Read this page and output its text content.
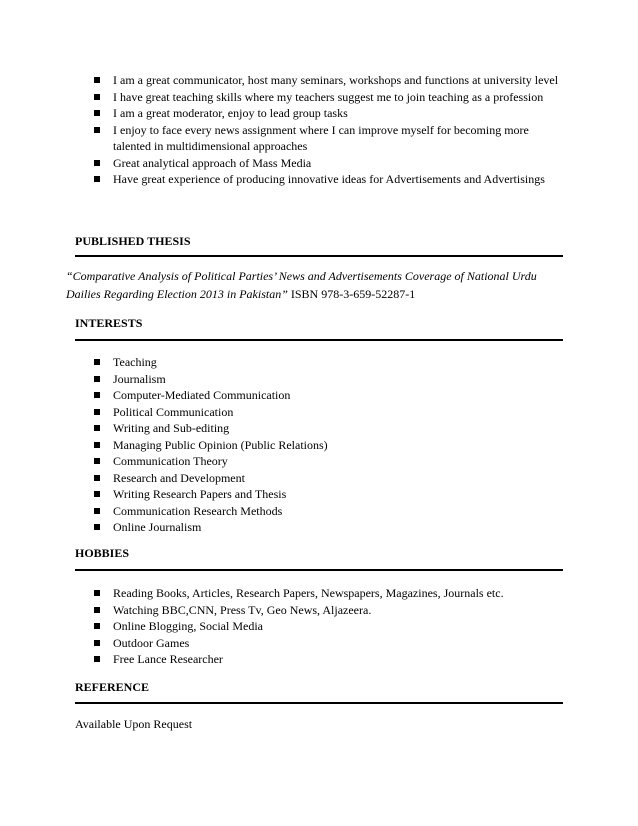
I am a great communicator, host many seminars, workshops and functions at university level
I have great teaching skills where my teachers suggest me to join teaching as a profession
I am a great moderator, enjoy to lead group tasks
I enjoy to face every news assignment where I can improve myself for becoming more talented in multidimensional approaches
Great analytical approach of Mass Media
Have great experience of producing innovative ideas for Advertisements and Advertisings
PUBLISHED THESIS
“Comparative Analysis of Political Parties’ News and Advertisements Coverage of National Urdu Dailies Regarding Election 2013 in Pakistan” ISBN 978-3-659-52287-1
INTERESTS
Teaching
Journalism
Computer-Mediated Communication
Political Communication
Writing and Sub-editing
Managing Public Opinion (Public Relations)
Communication Theory
Research and Development
Writing Research Papers and Thesis
Communication Research Methods
Online Journalism
HOBBIES
Reading Books, Articles, Research Papers, Newspapers, Magazines, Journals etc.
Watching BBC,CNN, Press Tv, Geo News, Aljazeera.
Online Blogging, Social Media
Outdoor Games
Free Lance Researcher
REFERENCE
Available Upon Request
